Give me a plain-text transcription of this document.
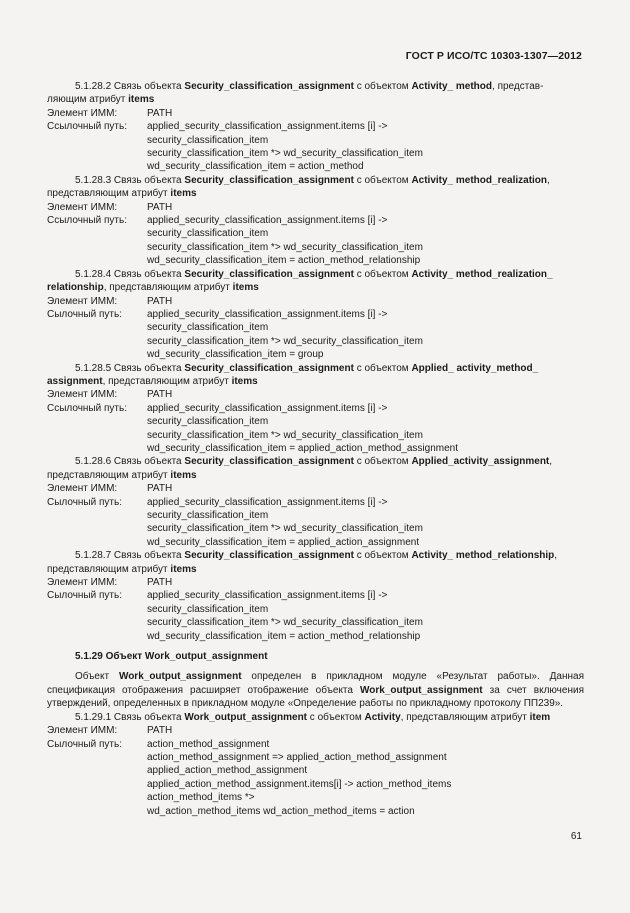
ГОСТ Р ИСО/ТС 10303-1307—2012
5.1.28.2 Связь объекта Security_classification_assignment с объектом Activity_ method, представ-
ляющим атрибут items
Элемент ИММ:	PATH
Ссылочный путь:	applied_security_classification_assignment.items [i] ->
security_classification_item
security_classification_item *> wd_security_classification_item
wd_security_classification_item = action_method
5.1.28.3 Связь объекта Security_classification_assignment с объектом Activity_ method_realization,
представляющим атрибут items
Элемент ИММ:	PATH
Ссылочный путь:	applied_security_classification_assignment.items [i] ->
security_classification_item
security_classification_item *> wd_security_classification_item
wd_security_classification_item = action_method_relationship
5.1.28.4 Связь объекта Security_classification_assignment с объектом Activity_ method_realization_
relationship, представляющим атрибут items
Элемент ИММ:	PATH
Сылочный путь:	applied_security_classification_assignment.items [i] ->
security_classification_item
security_classification_item *> wd_security_classification_item
wd_security_classification_item = group
5.1.28.5 Связь объекта Security_classification_assignment с объектом Applied_ activity_method_
assignment, представляющим атрибут items
Элемент ИММ:	PATH
Ссылочный путь:	applied_security_classification_assignment.items [i] ->
security_classification_item
security_classification_item *> wd_security_classification_item
wd_security_classification_item = applied_action_method_assignment
5.1.28.6 Связь объекта Security_classification_assignment с объектом Applied_activity_assignment,
представляющим атрибут items
Элемент ИММ:	PATH
Сылочный путь:	applied_security_classification_assignment.items [i] ->
security_classification_item
security_classification_item *> wd_security_classification_item
wd_security_classification_item = applied_action_assignment
5.1.28.7 Связь объекта Security_classification_assignment с объектом Activity_ method_relationship,
представляющим атрибут items
Элемент ИММ:	PATH
Сылочный путь:	applied_security_classification_assignment.items [i] ->
security_classification_item
security_classification_item *> wd_security_classification_item
wd_security_classification_item = action_method_relationship
5.1.29 Объект Work_output_assignment
Объект Work_output_assignment определен в прикладном модуле «Результат работы». Данная спецификация отображения расширяет отображение объекта Work_output_assignment за счет включения утверждений, определенных в прикладном модуле «Определение работы по прикладному протоколу ПП239».
5.1.29.1 Связь объекта Work_output_assignment с объектом Activity, представляющим атрибут item
Элемент ИММ:	PATH
Сылочный путь:	action_method_assignment
action_method_assignment => applied_action_method_assignment
applied_action_method_assignment
applied_action_method_assignment.items[i] -> action_method_items
action_method_items *>
wd_action_method_items wd_action_method_items = action
61
